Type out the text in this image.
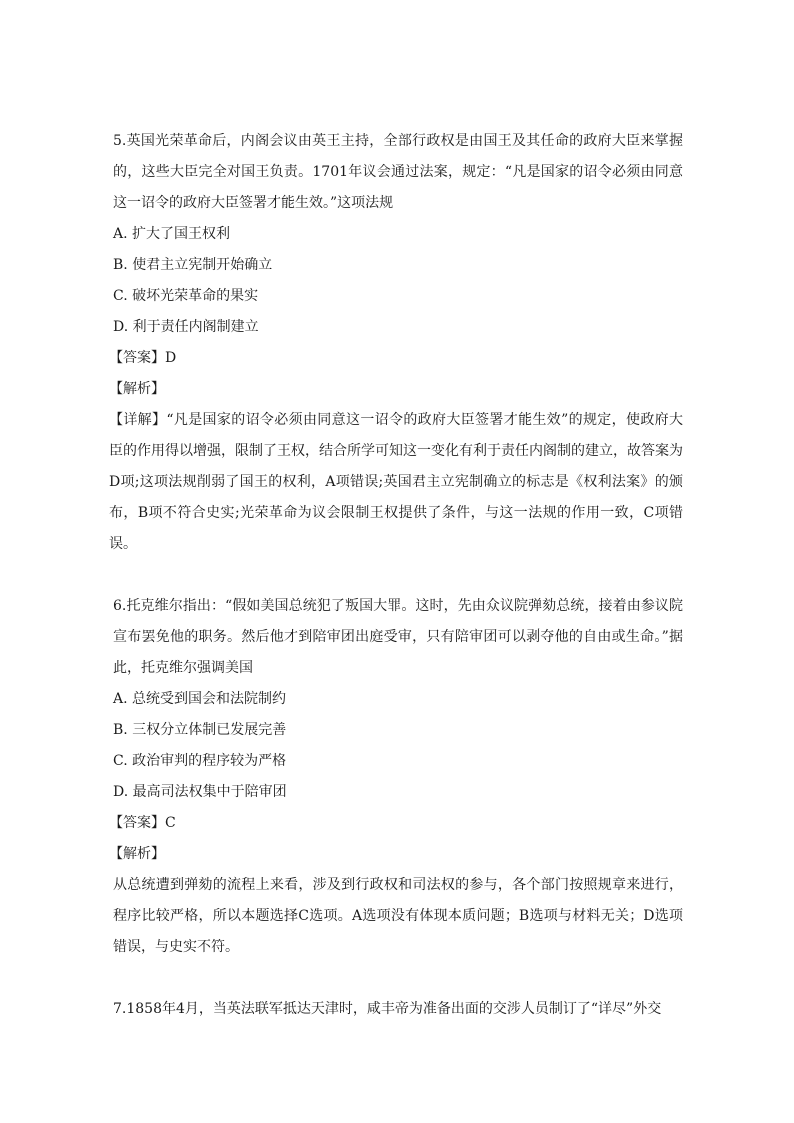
5.英国光荣革命后，内阁会议由英王主持，全部行政权是由国王及其任命的政府大臣来掌握的，这些大臣完全对国王负责。1701年议会通过法案，规定：“凡是国家的诏令必须由同意这一诏令的政府大臣签署才能生效。”这项法规

A. 扩大了国王权利

B. 使君主立宪制开始确立

C. 破坏光荣革命的果实

D. 利于责任内阁制建立

【答案】D

【解析】

【详解】“凡是国家的诏令必须由同意这一诏令的政府大臣签署才能生效”的规定，使政府大臣的作用得以增强，限制了王权，结合所学可知这一变化有利于责任内阁制的建立，故答案为D项;这项法规削弱了国王的权利，A项错误;英国君主立宪制确立的标志是《权利法案》的颁布，B项不符合史实;光荣革命为议会限制王权提供了条件，与这一法规的作用一致，C项错误。

6.托克维尔指出：“假如美国总统犯了叛国大罪。这时，先由众议院弹劾总统，接着由参议院宣布罢免他的职务。然后他才到陪审团出庭受审，只有陪审团可以剥夺他的自由或生命。”据此，托克维尔强调美国

A. 总统受到国会和法院制约

B. 三权分立体制已发展完善

C. 政治审判的程序较为严格

D. 最高司法权集中于陪审团

【答案】C

【解析】

从总统遭到弹劾的流程上来看，涉及到行政权和司法权的参与，各个部门按照规章来进行，程序比较严格，所以本题选择C选项。A选项没有体现本质问题；B选项与材料无关；D选项错误，与史实不符。

7.1858年4月，当英法联军抵达天津时，咸丰帝为准备出面的交涉人员制订了“详尽”外交
